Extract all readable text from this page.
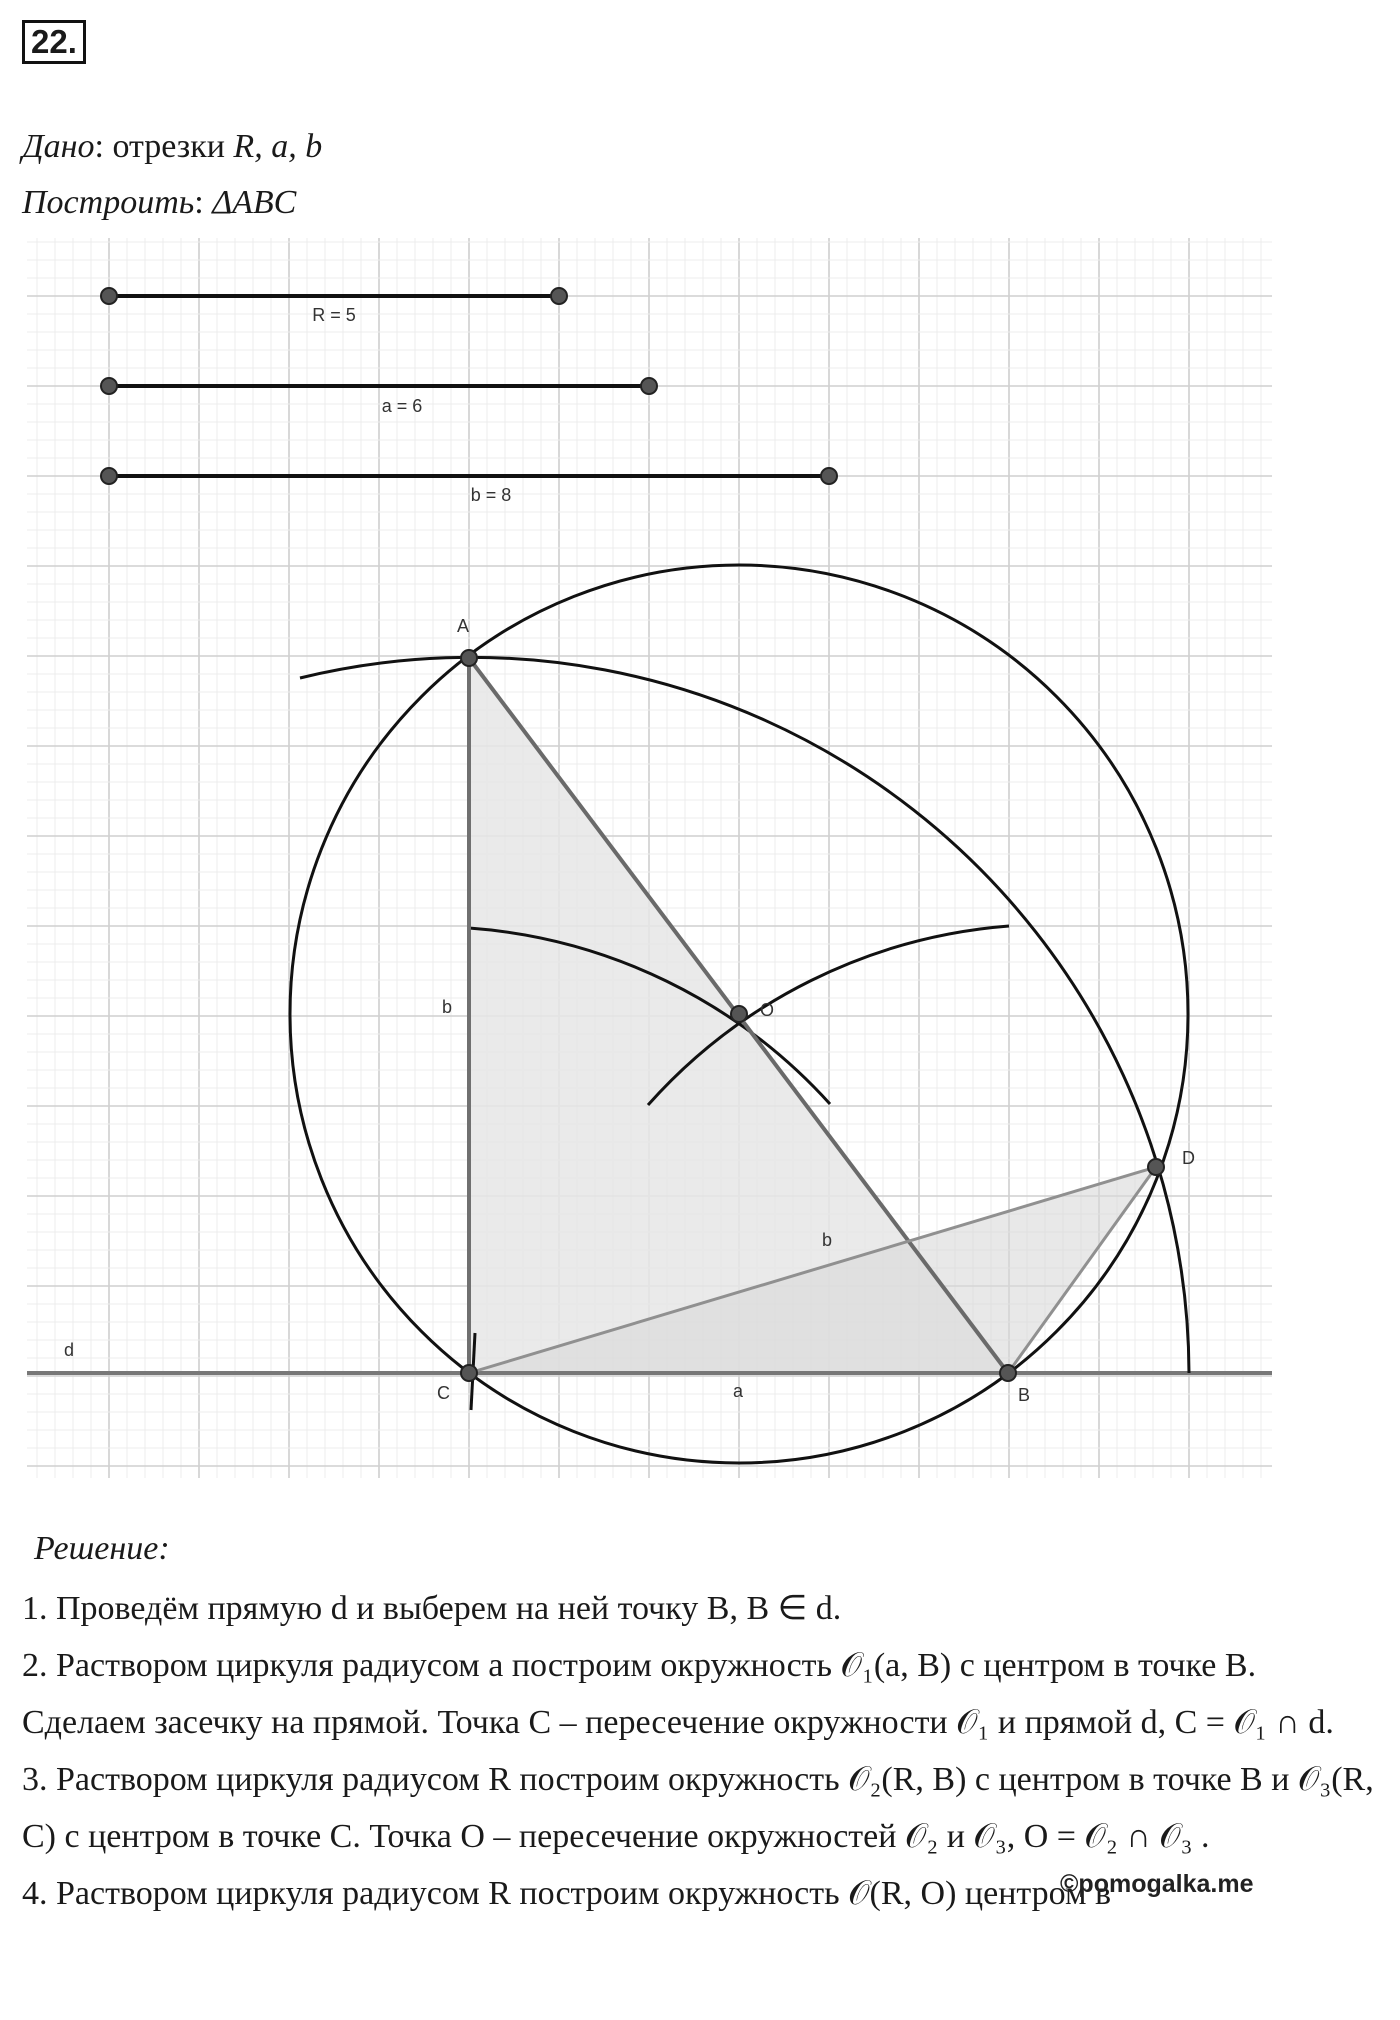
22.
Дано: отрезки R, a, b
Построить: ΔABC
R = 5
a = 6
b = 8
A
C	B
D
O
d
b
b
a
Решение:

1. Проведём прямую d и выберем на ней точку B, B ∈ d.

2. Раствором циркуля радиусом a построим окружность 𝒪₁(a, B) с центром в точке B. Сделаем засечку на прямой. Точка C – пересечение окружности 𝒪₁ и прямой d, C = 𝒪₁ ∩ d.

3. Раствором циркуля радиусом R построим окружность 𝒪₂(R, B) с центром в точке B и 𝒪₃(R, C) с центром в точке C. Точка O – пересечение окружностей 𝒪₂ и 𝒪₃, O = 𝒪₂ ∩ 𝒪₃ .

4. Раствором циркуля радиусом R построим окружность 𝒪(R, O) центром в

©pomogalka.me
